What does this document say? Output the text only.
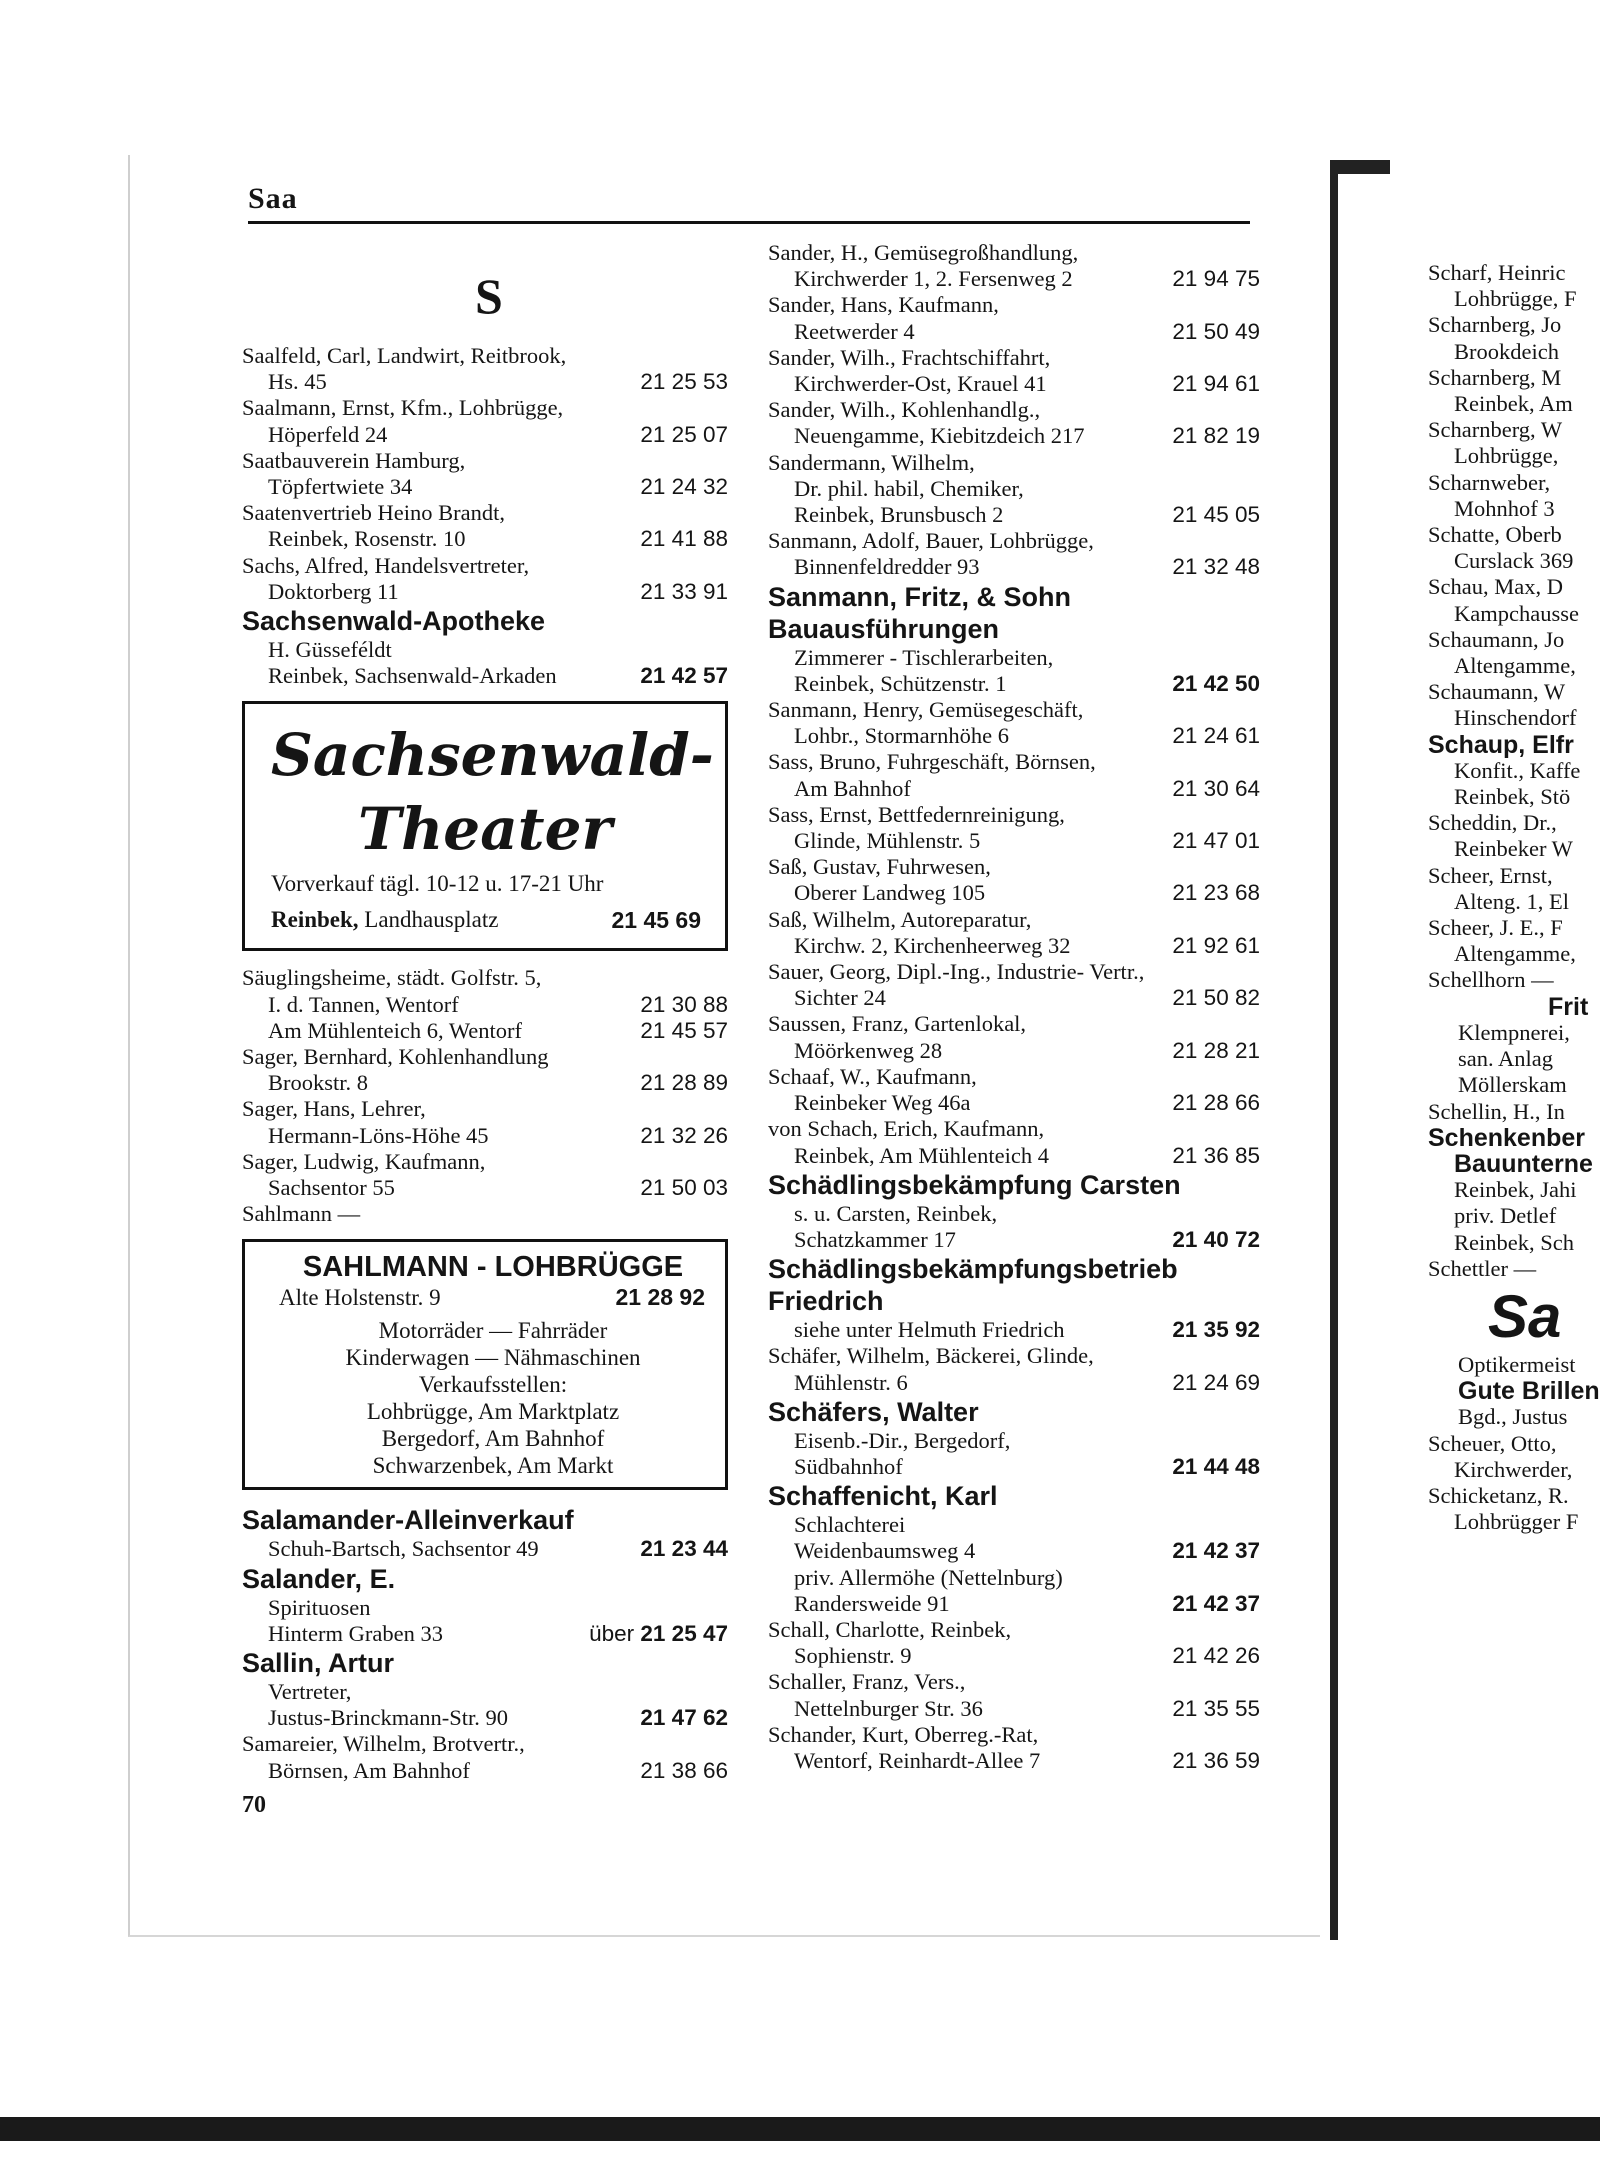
Saa
S
Saalfeld, Carl, Landwirt, Reitbrook,
Hs. 45	21 25 53
Saalmann, Ernst, Kfm., Lohbrügge,
Höperfeld 24	21 25 07
Saatbauverein Hamburg,
Töpfertwiete 34	21 24 32
Saatenvertrieb Heino Brandt,
Reinbek, Rosenstr. 10	21 41 88
Sachs, Alfred, Handelsvertreter,
Doktorberg 11	21 33 91
Sachsenwald-Apotheke
H. Güsseféldt
Reinbek, Sachsenwald-Arkaden	21 42 57
Sachsenwald-
Theater
Vorverkauf tägl. 10-12 u. 17-21 Uhr
Reinbek, Landhausplatz	21 45 69
Säuglingsheime, städt. Golfstr. 5,
I. d. Tannen, Wentorf	21 30 88
Am Mühlenteich 6, Wentorf	21 45 57
Sager, Bernhard, Kohlenhandlung
Brookstr. 8	21 28 89
Sager, Hans, Lehrer,
Hermann-Löns-Höhe 45	21 32 26
Sager, Ludwig, Kaufmann,
Sachsentor 55	21 50 03
Sahlmann —
SAHLMANN - LOHBRÜGGE
Alte Holstenstr. 9	21 28 92
Motorräder — Fahrräder
Kinderwagen — Nähmaschinen
Verkaufsstellen:
Lohbrügge, Am Marktplatz
Bergedorf, Am Bahnhof
Schwarzenbek, Am Markt
Salamander-Alleinverkauf
Schuh-Bartsch, Sachsentor 49	21 23 44
Salander, E.
Spirituosen
Hinterm Graben 33	über 21 25 47
Sallin, Artur
Vertreter,
Justus-Brinckmann-Str. 90	21 47 62
Samareier, Wilhelm, Brotvertr.,
Börnsen, Am Bahnhof	21 38 66
70
Sander, H., Gemüsegroßhandlung,
Kirchwerder 1, 2. Fersenweg 2	21 94 75
Sander, Hans, Kaufmann,
Reetwerder 4	21 50 49
Sander, Wilh., Frachtschiffahrt,
Kirchwerder-Ost, Krauel 41	21 94 61
Sander, Wilh., Kohlenhandlg.,
Neuengamme, Kiebitzdeich 217	21 82 19
Sandermann, Wilhelm,
Dr. phil. habil, Chemiker,
Reinbek, Brunsbusch 2	21 45 05
Sanmann, Adolf, Bauer, Lohbrügge,
Binnenfeldredder 93	21 32 48
Sanmann, Fritz, & Sohn
Bauausführungen
Zimmerer - Tischlerarbeiten,
Reinbek, Schützenstr. 1	21 42 50
Sanmann, Henry, Gemüsegeschäft,
Lohbr., Stormarnhöhe 6	21 24 61
Sass, Bruno, Fuhrgeschäft, Börnsen,
Am Bahnhof	21 30 64
Sass, Ernst, Bettfedernreinigung,
Glinde, Mühlenstr. 5	21 47 01
Saß, Gustav, Fuhrwesen,
Oberer Landweg 105	21 23 68
Saß, Wilhelm, Autoreparatur,
Kirchw. 2, Kirchenheerweg 32	21 92 61
Sauer, Georg, Dipl.-Ing., Industrie- Vertr.,
Sichter 24	21 50 82
Saussen, Franz, Gartenlokal,
Möörkenweg 28	21 28 21
Schaaf, W., Kaufmann,
Reinbeker Weg 46a	21 28 66
von Schach, Erich, Kaufmann,
Reinbek, Am Mühlenteich 4	21 36 85
Schädlingsbekämpfung Carsten
s. u. Carsten, Reinbek,
Schatzkammer 17	21 40 72
Schädlingsbekämpfungsbetrieb
Friedrich
siehe unter Helmuth Friedrich	21 35 92
Schäfer, Wilhelm, Bäckerei, Glinde,
Mühlenstr. 6	21 24 69
Schäfers, Walter
Eisenb.-Dir., Bergedorf,
Südbahnhof	21 44 48
Schaffenicht, Karl
Schlachterei
Weidenbaumsweg 4	21 42 37
priv. Allermöhe (Nettelnburg)
Randersweide 91	21 42 37
Schall, Charlotte, Reinbek,
Sophienstr. 9	21 42 26
Schaller, Franz, Vers.,
Nettelnburger Str. 36	21 35 55
Schander, Kurt, Oberreg.-Rat,
Wentorf, Reinhardt-Allee 7	21 36 59
Scharf, Heinric
Lohbrügge, F
Scharnberg, Jo
Brookdeich
Scharnberg, M
Reinbek, Am
Scharnberg, W
Lohbrügge,
Scharnweber,
Mohnhof 3
Schatte, Oberb
Curslack 369
Schau, Max, D
Kampchausse
Schaumann, Jo
Altengamme,
Schaumann, W
Hinschendorf
Schaup, Elfr
Konfit., Kaffe
Reinbek, Stö
Scheddin, Dr.,
Reinbeker W
Scheer, Ernst,
Alteng. 1, El
Scheer, J. E., F
Altengamme,
Schellhorn —
Frit
Klempnerei,
san. Anlag
Möllerskam
Schellin, H., In
Schenkenber
Bauunterne
Reinbek, Jahi
priv. Detlef
Reinbek, Sch
Schettler —
Sa
Optikermeist
Gute Brillen
Bgd., Justus
Scheuer, Otto,
Kirchwerder,
Schicketanz, R.
Lohbrügger F
